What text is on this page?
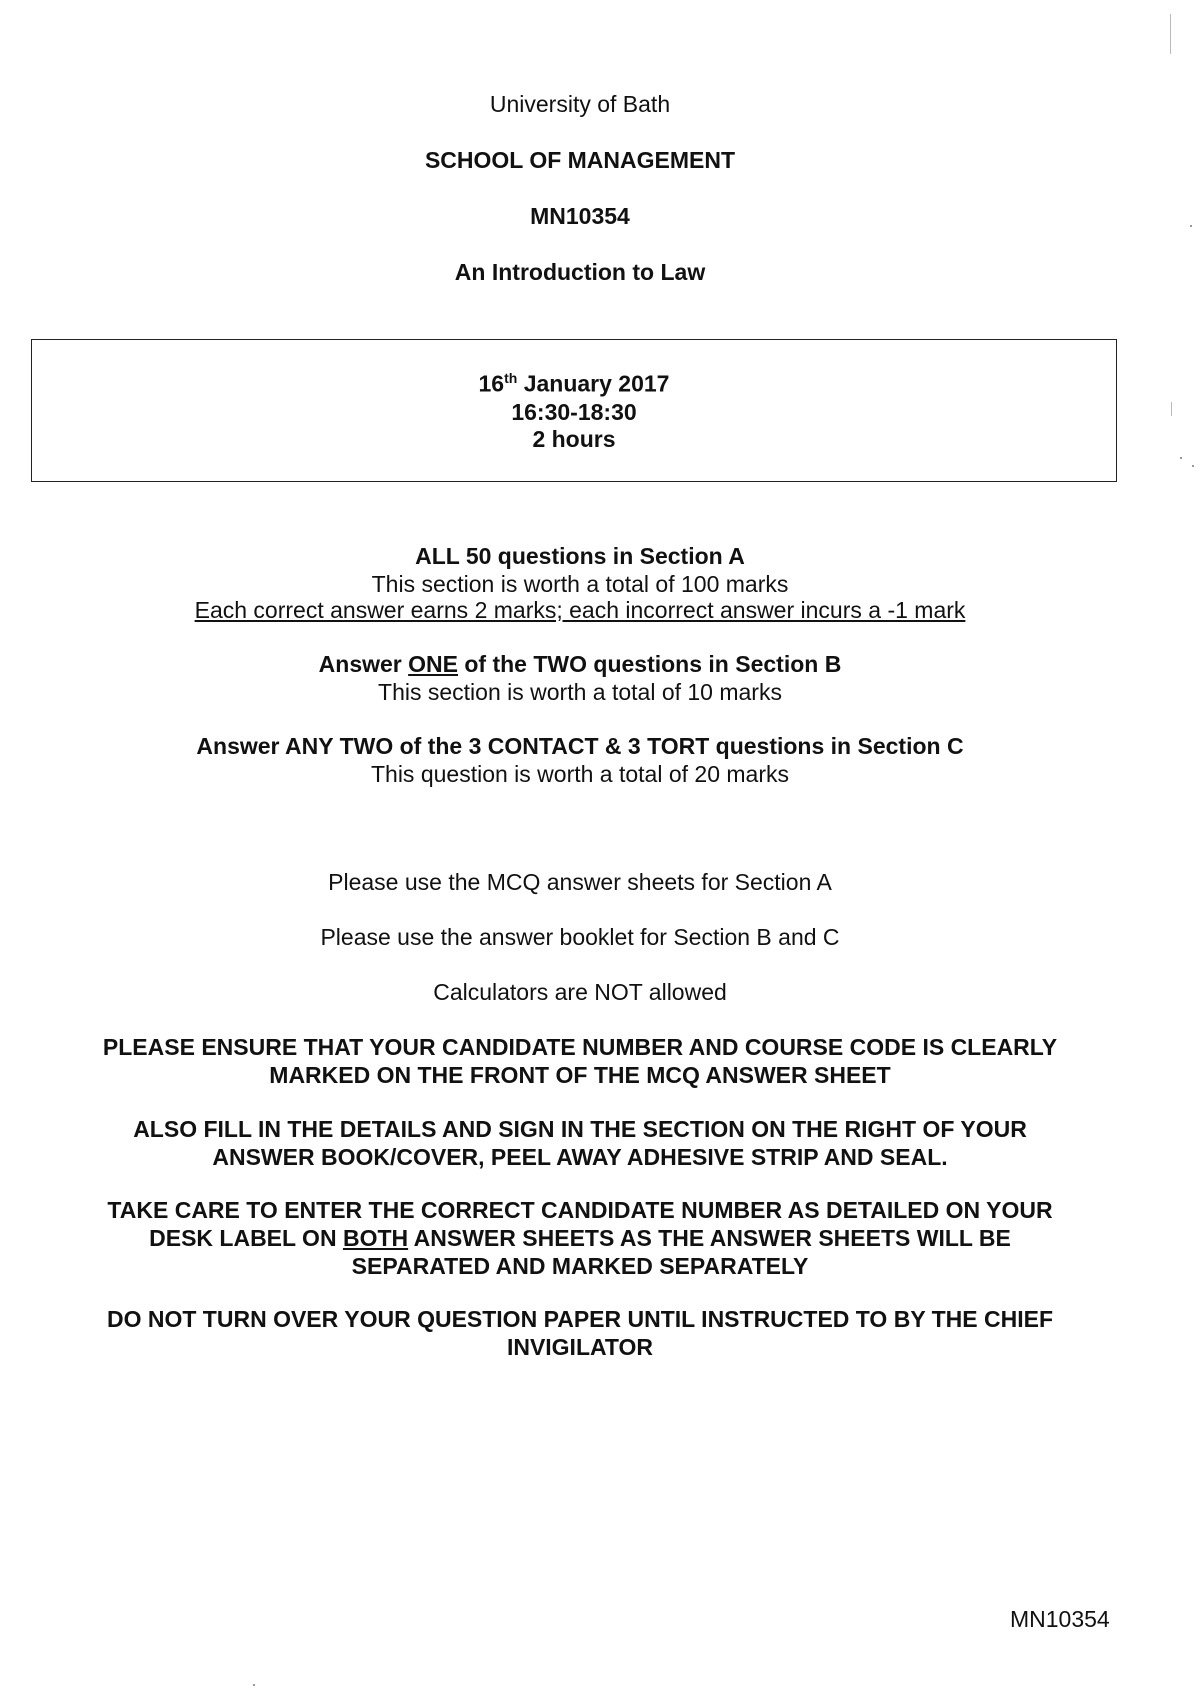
University of Bath
SCHOOL OF MANAGEMENT
MN10354
An Introduction to Law
16th January 2017
16:30-18:30
2 hours
ALL 50 questions in Section A
This section is worth a total of 100 marks
Each correct answer earns 2 marks; each incorrect answer incurs a -1 mark
Answer ONE of the TWO questions in Section B
This section is worth a total of 10 marks
Answer ANY TWO of the 3 CONTACT & 3 TORT questions in Section C
This question is worth a total of 20 marks
Please use the MCQ answer sheets for Section A
Please use the answer booklet for Section B and C
Calculators are NOT allowed
PLEASE ENSURE THAT YOUR CANDIDATE NUMBER AND COURSE CODE IS CLEARLY
MARKED ON THE FRONT OF THE MCQ ANSWER SHEET
ALSO FILL IN THE DETAILS AND SIGN IN THE SECTION ON THE RIGHT OF YOUR
ANSWER BOOK/COVER, PEEL AWAY ADHESIVE STRIP AND SEAL.
TAKE CARE TO ENTER THE CORRECT CANDIDATE NUMBER AS DETAILED ON YOUR
DESK LABEL ON BOTH ANSWER SHEETS AS THE ANSWER SHEETS WILL BE
SEPARATED AND MARKED SEPARATELY
DO NOT TURN OVER YOUR QUESTION PAPER UNTIL INSTRUCTED TO BY THE CHIEF
INVIGILATOR
MN10354
